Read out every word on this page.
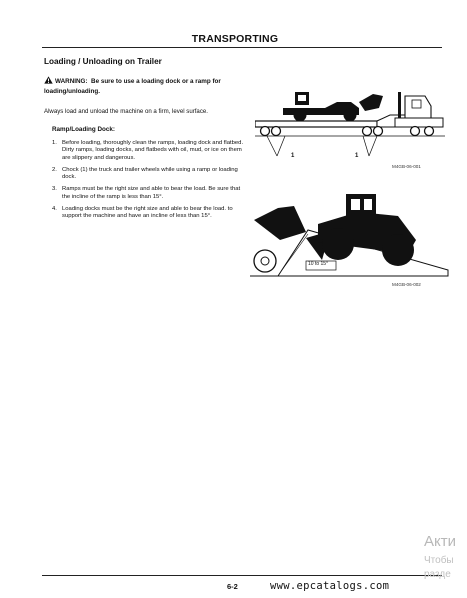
TRANSPORTING
Loading / Unloading on Trailer
WARNING: Be sure to use a loading dock or a ramp for loading/unloading.
Always load and unload the machine on a firm, level surface.
Ramp/Loading Dock:
1. Before loading, thoroughly clean the ramps, loading dock and flatbed. Dirty ramps, loading docks, and flatbeds with oil, mud, or ice on them are slippery and dangerous.
2. Chock (1) the truck and trailer wheels while using a ramp or loading dock.
3. Ramps must be the right size and able to bear the load. Be sure that the incline of the ramp is less than 15°.
4. Loading docks must be the right size and able to bear the load. to support the machine and have an incline of less than 15°.
1	1
M4GB-06-001
10 to 15°
M4GB-06-002
6-2	www.epcatalogs.com
Акти
Чтобы
разде
